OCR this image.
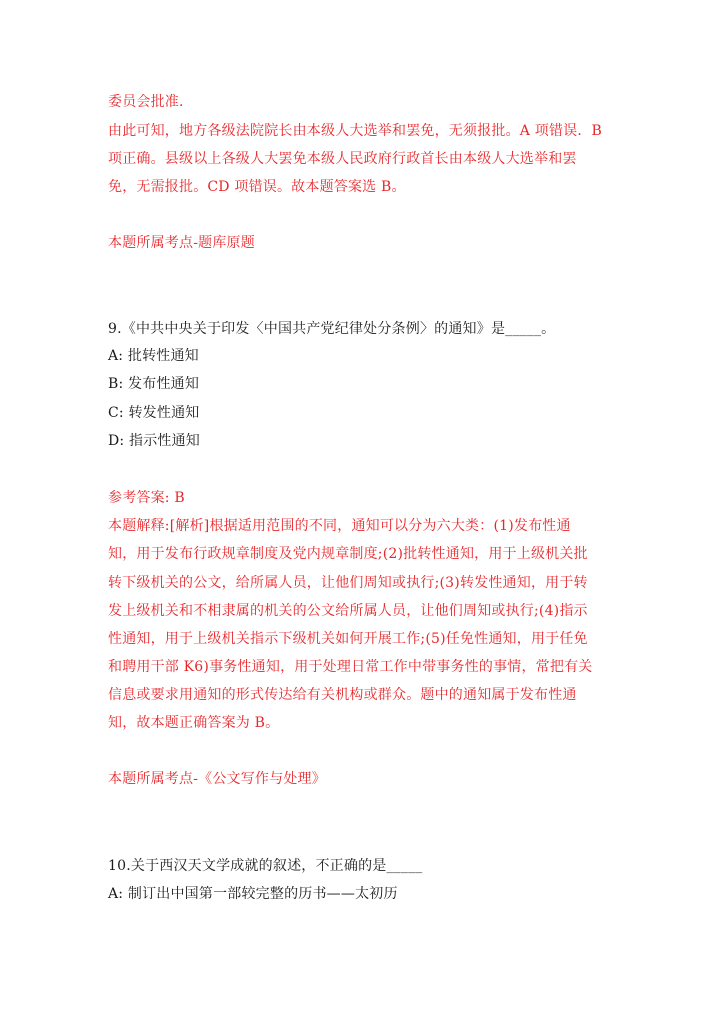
委员会批准.
由此可知，地方各级法院院长由本级人大选举和罢免，无须报批。A 项错误．B
项正确。县级以上各级人大罢免本级人民政府行政首长由本级人大选举和罢
免，无需报批。CD 项错误。故本题答案选 B。
本题所属考点-题库原题
9.《中共中央关于印发〈中国共产党纪律处分条例〉的通知》是_____。
A: 批转性通知
B: 发布性通知
C: 转发性通知
D: 指示性通知
参考答案: B
本题解释:[解析]根据适用范围的不同，通知可以分为六大类：(1)发布性通
知，用于发布行政规章制度及党内规章制度;(2)批转性通知，用于上级机关批
转下级机关的公文，给所属人员，让他们周知或执行;(3)转发性通知，用于转
发上级机关和不相隶属的机关的公文给所属人员，让他们周知或执行;(4)指示
性通知，用于上级机关指示下级机关如何开展工作;(5)任免性通知，用于任免
和聘用干部 K6)事务性通知，用于处理日常工作中带事务性的事情，常把有关
信息或要求用通知的形式传达给有关机构或群众。题中的通知属于发布性通
知，故本题正确答案为 B。
本题所属考点-《公文写作与处理》
10.关于西汉天文学成就的叙述，不正确的是_____
A: 制订出中国第一部较完整的历书——太初历
